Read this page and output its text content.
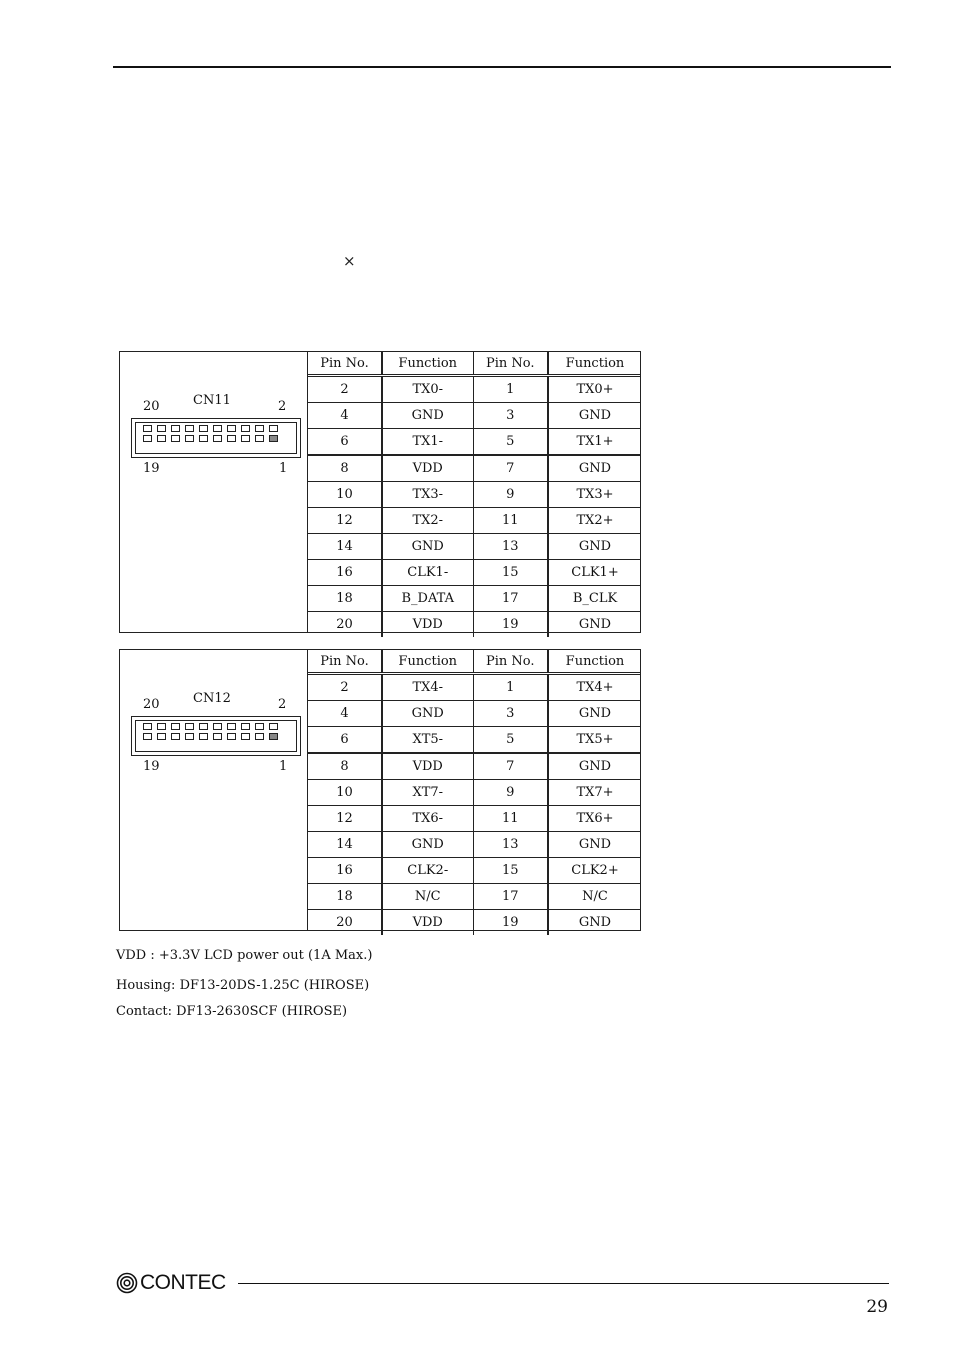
×
20	CN11	2
19	1
Pin No.	Function	Pin No.	Function
2	TX0-	1	TX0+
4	GND	3	GND
6	TX1-	5	TX1+
8	VDD	7	GND
10	TX3-	9	TX3+
12	TX2-	11	TX2+
14	GND	13	GND
16	CLK1-	15	CLK1+
18	B_DATA	17	B_CLK
20	VDD	19	GND
20	CN12	2
19	1
Pin No.	Function	Pin No.	Function
2	TX4-	1	TX4+
4	GND	3	GND
6	XT5-	5	TX5+
8	VDD	7	GND
10	XT7-	9	TX7+
12	TX6-	11	TX6+
14	GND	13	GND
16	CLK2-	15	CLK2+
18	N/C	17	N/C
20	VDD	19	GND
VDD : +3.3V LCD power out (1A Max.)
Housing: DF13-20DS-1.25C (HIROSE)
Contact: DF13-2630SCF (HIROSE)
CONTEC
29
